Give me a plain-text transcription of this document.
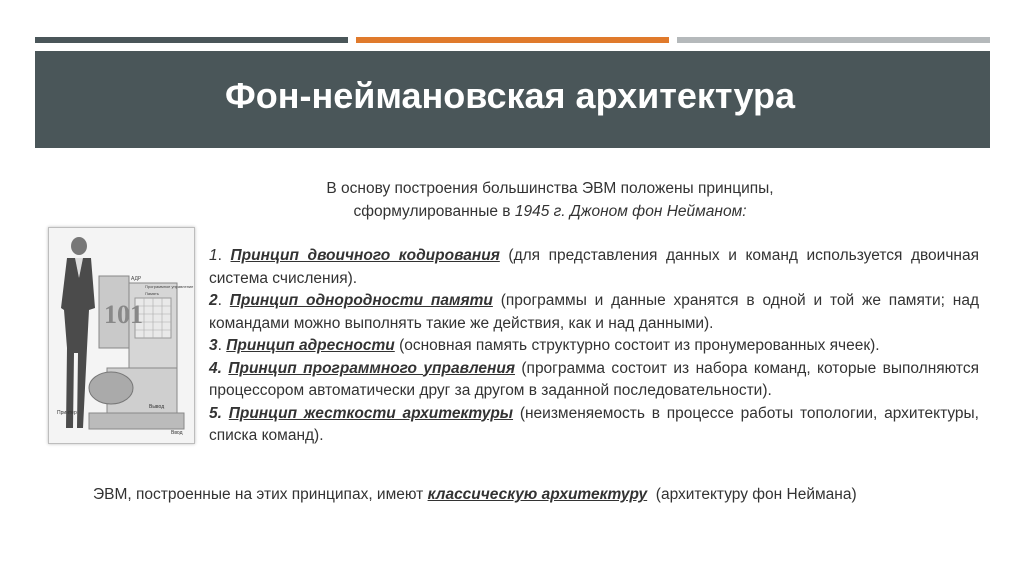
Фон-неймановская архитектура
В основу построения большинства ЭВМ положены принципы,
сформулированные в 1945 г. Джоном фон Нейманом:
101
АДР
Программное управление
Память
Принтер
Ввод
Вывод

1. Принцип двоичного кодирования (для представления данных и команд используется двоичная система счисления).

2. Принцип однородности памяти (программы и данные хранятся в одной и той же памяти; над командами можно выполнять такие же действия, как и над данными).

3. Принцип адресности (основная память структурно состоит из пронумерованных ячеек).

4. Принцип программного управления (программа состоит из набора команд, которые выполняются процессором автоматически друг за другом в заданной последовательности).

5. Принцип жесткости архитектуры (неизменяемость в процессе работы топологии, архитектуры, списка команд).

ЭВМ, построенные на этих принципах, имеют классическую архитектуру  (архитектуру фон Неймана)
